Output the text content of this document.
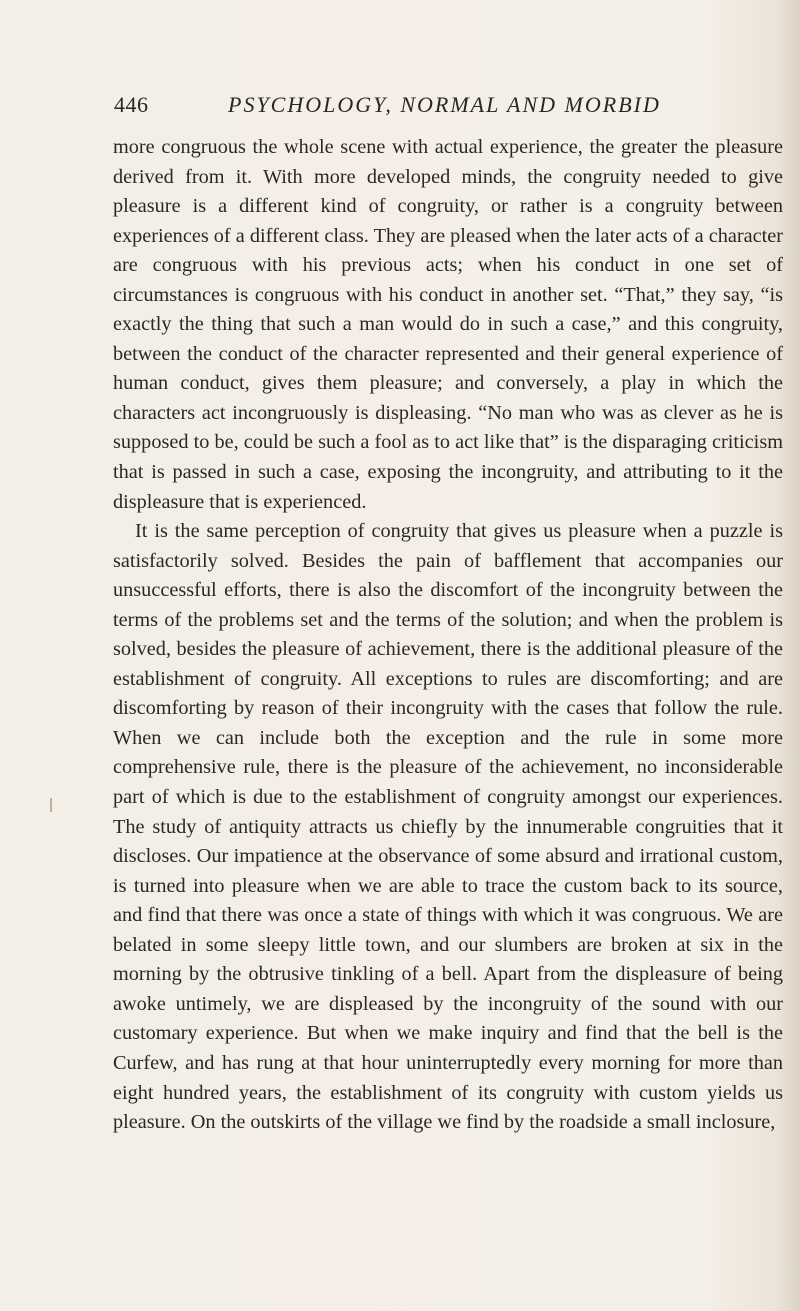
446	PSYCHOLOGY, NORMAL AND MORBID

more congruous the whole scene with actual experience, the greater the pleasure derived from it. With more developed minds, the congruity needed to give pleasure is a different kind of congruity, or rather is a congruity between experiences of a different class. They are pleased when the later acts of a character are congruous with his previous acts; when his conduct in one set of circumstances is congruous with his conduct in another set. “That,” they say, “is exactly the thing that such a man would do in such a case,” and this congruity, between the conduct of the character represented and their general experience of human conduct, gives them pleasure; and conversely, a play in which the characters act incongruously is displeasing. “No man who was as clever as he is supposed to be, could be such a fool as to act like that” is the disparaging criticism that is passed in such a case, exposing the incongruity, and attributing to it the displeasure that is experienced.

It is the same perception of congruity that gives us pleasure when a puzzle is satisfactorily solved. Besides the pain of bafflement that accompanies our unsuccessful efforts, there is also the discomfort of the incongruity between the terms of the problems set and the terms of the solution; and when the problem is solved, besides the pleasure of achievement, there is the additional pleasure of the establishment of congruity. All exceptions to rules are discomforting; and are discomforting by reason of their incongruity with the cases that follow the rule. When we can include both the exception and the rule in some more comprehensive rule, there is the pleasure of the achievement, no inconsiderable part of which is due to the establishment of congruity amongst our experiences. The study of antiquity attracts us chiefly by the innumerable congruities that it discloses. Our impatience at the observance of some absurd and irrational custom, is turned into pleasure when we are able to trace the custom back to its source, and find that there was once a state of things with which it was congruous. We are belated in some sleepy little town, and our slumbers are broken at six in the morning by the obtrusive tinkling of a bell. Apart from the displeasure of being awoke untimely, we are displeased by the incongruity of the sound with our customary experience. But when we make inquiry and find that the bell is the Curfew, and has rung at that hour uninterruptedly every morning for more than eight hundred years, the establishment of its congruity with custom yields us pleasure. On the outskirts of the village we find by the roadside a small inclosure,
